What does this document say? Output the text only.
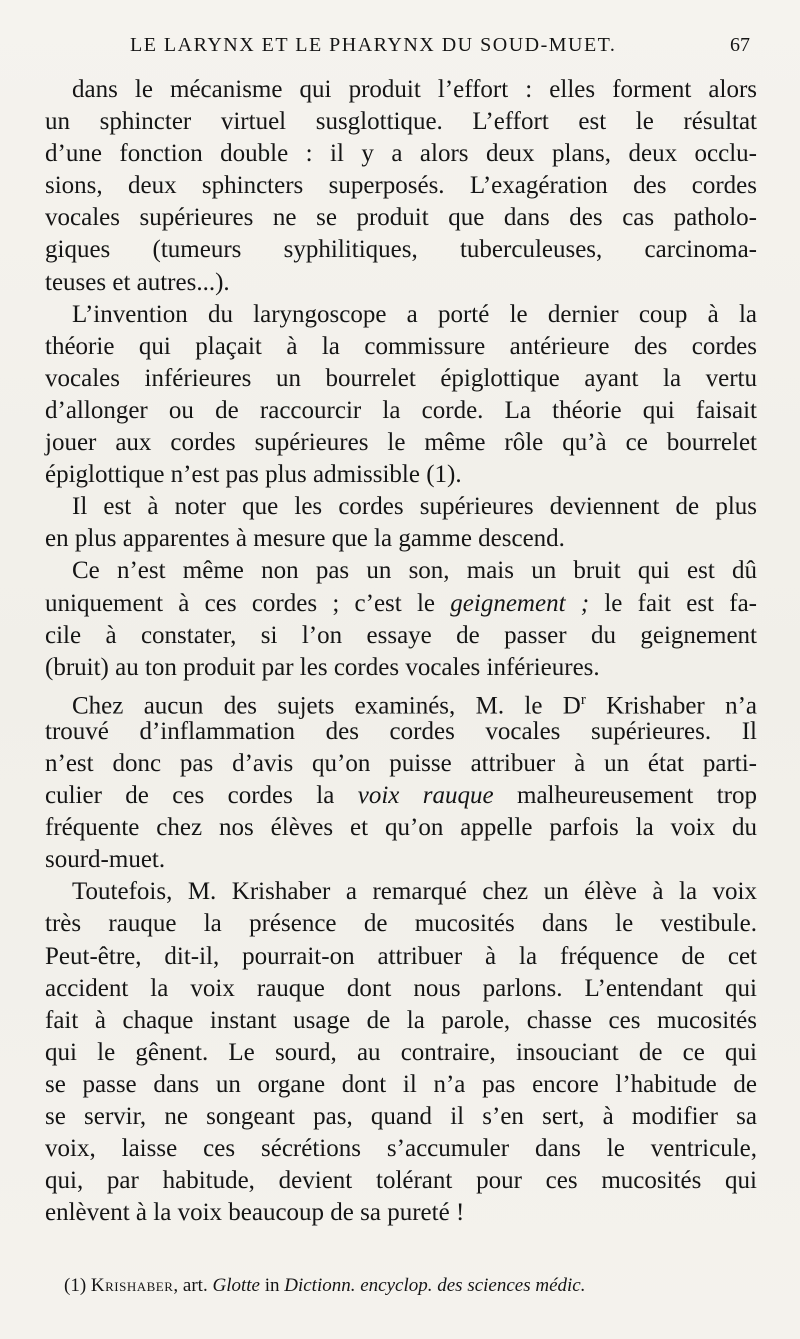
LE LARYNX ET LE PHARYNX DU SOUD-MUET.	67
dans le mécanisme qui produit l’effort : elles forment alors
un sphincter virtuel susglottique. L’effort est le résultat
d’une fonction double : il y a alors deux plans, deux occlu-
sions, deux sphincters superposés. L’exagération des cordes
vocales supérieures ne se produit que dans des cas patholo-
giques (tumeurs syphilitiques, tuberculeuses, carcinoma-
teuses et autres...).
L’invention du laryngoscope a porté le dernier coup à la
théorie qui plaçait à la commissure antérieure des cordes
vocales inférieures un bourrelet épiglottique ayant la vertu
d’allonger ou de raccourcir la corde. La théorie qui faisait
jouer aux cordes supérieures le même rôle qu’à ce bourrelet
épiglottique n’est pas plus admissible (1).
Il est à noter que les cordes supérieures deviennent de plus
en plus apparentes à mesure que la gamme descend.
Ce n’est même non pas un son, mais un bruit qui est dû
uniquement à ces cordes ; c’est le geignement ; le fait est fa-
cile à constater, si l’on essaye de passer du geignement
(bruit) au ton produit par les cordes vocales inférieures.
Chez aucun des sujets examinés, M. le $D^r$ Krishaber n’a
trouvé d’inflammation des cordes vocales supérieures. Il
n’est donc pas d’avis qu’on puisse attribuer à un état parti-
culier de ces cordes la voix rauque malheureusement trop
fréquente chez nos élèves et qu’on appelle parfois la voix du
sourd-muet.
Toutefois, M. Krishaber a remarqué chez un élève à la voix
très rauque la présence de mucosités dans le vestibule.
Peut-être, dit-il, pourrait-on attribuer à la fréquence de cet
accident la voix rauque dont nous parlons. L’entendant qui
fait à chaque instant usage de la parole, chasse ces mucosités
qui le gênent. Le sourd, au contraire, insouciant de ce qui
se passe dans un organe dont il n’a pas encore l’habitude de
se servir, ne songeant pas, quand il s’en sert, à modifier sa
voix, laisse ces sécrétions s’accumuler dans le ventricule,
qui, par habitude, devient tolérant pour ces mucosités qui
enlèvent à la voix beaucoup de sa pureté !
(1) Krishaber, art. Glotte in Dictionn. encyclop. des sciences médic.
